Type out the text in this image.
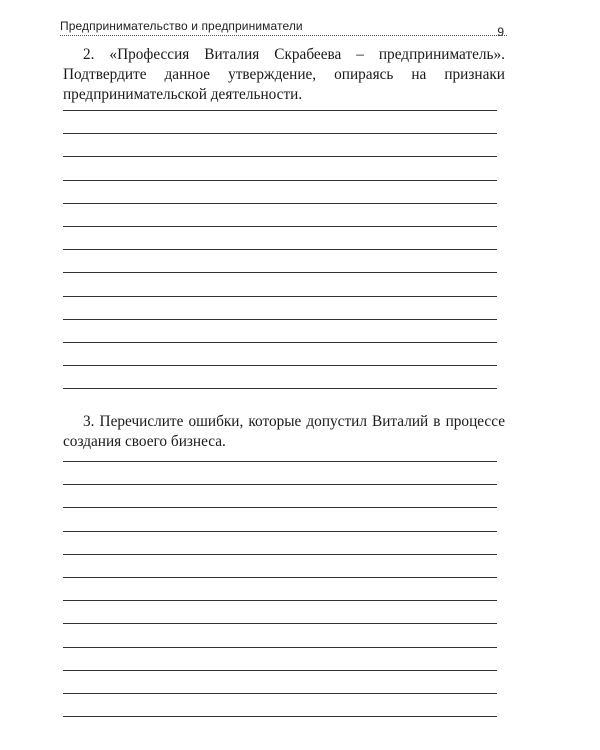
Предпринимательство и предприниматели	9
2. «Профессия Виталия Скрабеева – предприниматель». Подтвердите данное утверждение, опираясь на признаки предпринимательской деятельности.
3. Перечислите ошибки, которые допустил Виталий в процессе создания своего бизнеса.
